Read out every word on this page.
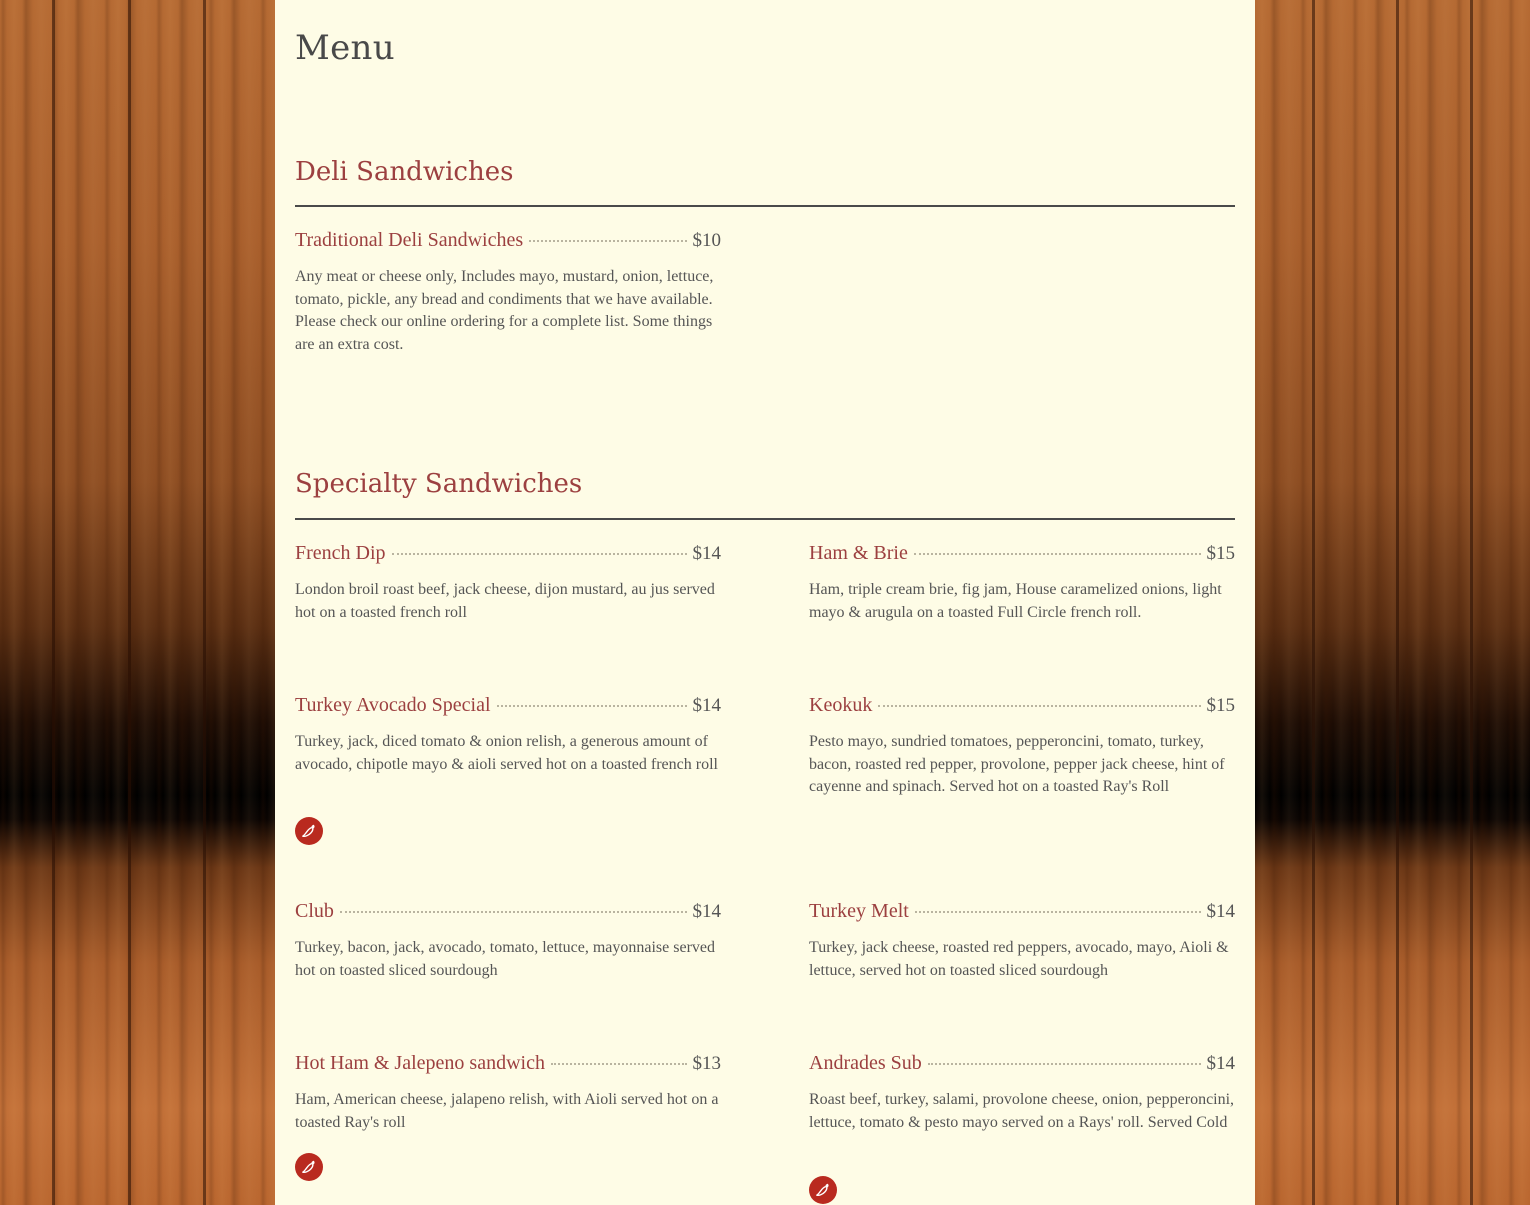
Menu
Deli Sandwiches
Traditional Deli Sandwiches	$10
Any meat or cheese only, Includes mayo, mustard, onion, lettuce, tomato, pickle, any bread and condiments that we have available. Please check our online ordering for a complete list. Some things are an extra cost.
Specialty Sandwiches
French Dip	$14
London broil roast beef, jack cheese, dijon mustard, au jus served hot on a toasted french roll
Ham & Brie	$15
Ham, triple cream brie, fig jam, House caramelized onions, light mayo & arugula on a toasted Full Circle french roll.
Turkey Avocado Special	$14
Turkey, jack, diced tomato & onion relish, a generous amount of avocado, chipotle mayo & aioli served hot on a toasted french roll
Keokuk	$15
Pesto mayo, sundried tomatoes, pepperoncini, tomato, turkey, bacon, roasted red pepper, provolone, pepper jack cheese, hint of cayenne and spinach. Served hot on a toasted Ray's Roll
Club	$14
Turkey, bacon, jack, avocado, tomato, lettuce, mayonnaise served hot on toasted sliced sourdough
Turkey Melt	$14
Turkey, jack cheese, roasted red peppers, avocado, mayo, Aioli & lettuce, served hot on toasted sliced sourdough
Hot Ham & Jalepeno sandwich	$13
Ham, American cheese, jalapeno relish, with Aioli served hot on a toasted Ray's roll
Andrades Sub	$14
Roast beef, turkey, salami, provolone cheese, onion, pepperoncini, lettuce, tomato & pesto mayo served on a Rays' roll. Served Cold
